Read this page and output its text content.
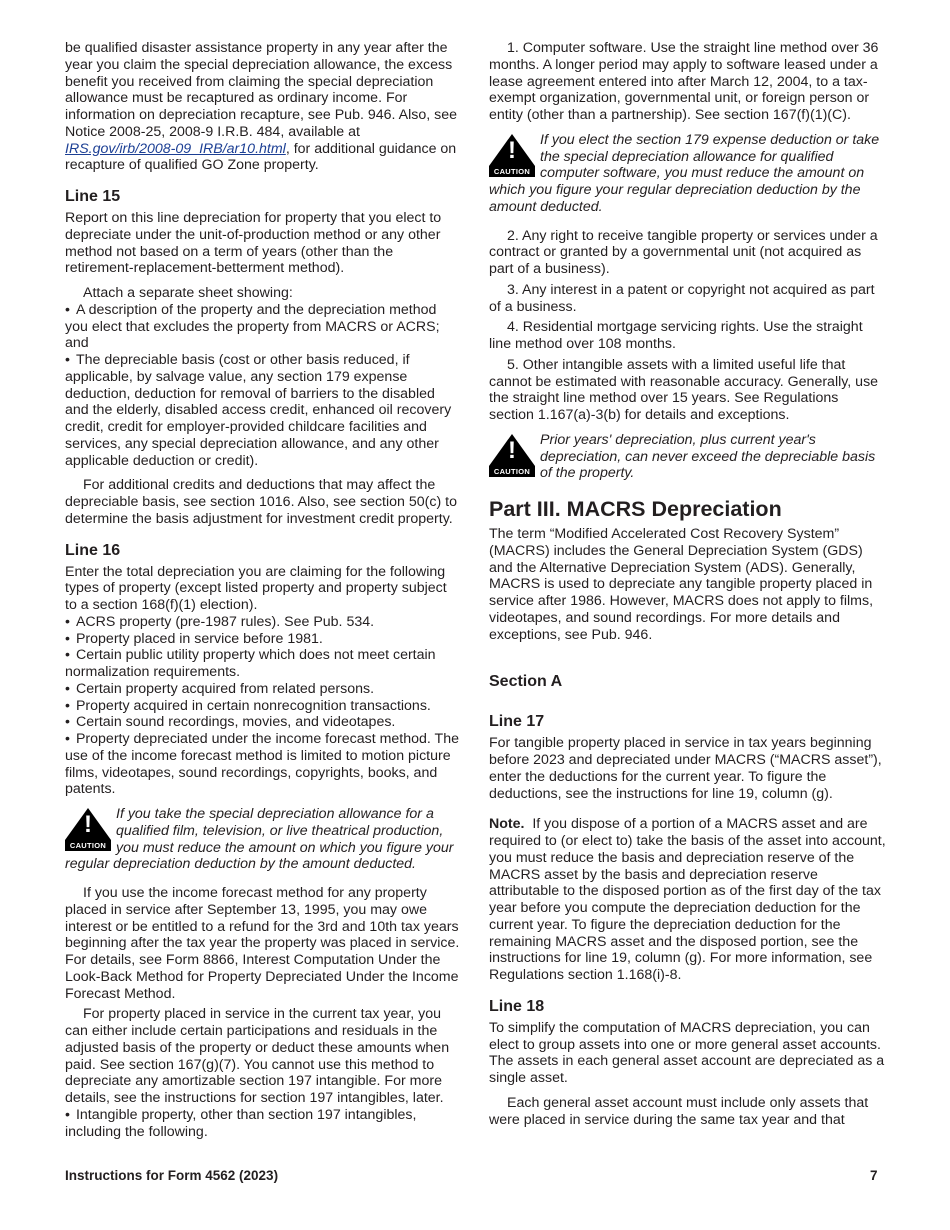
be qualified disaster assistance property in any year after the year you claim the special depreciation allowance, the excess benefit you received from claiming the special depreciation allowance must be recaptured as ordinary income. For information on depreciation recapture, see Pub. 946. Also, see Notice 2008-25, 2008-9 I.R.B. 484, available at IRS.gov/irb/2008-09_IRB/ar10.html, for additional guidance on recapture of qualified GO Zone property.

Line 15

Report on this line depreciation for property that you elect to depreciate under the unit-of-production method or any other method not based on a term of years (other than the retirement-replacement-betterment method).

Attach a separate sheet showing:

• A description of the property and the depreciation method you elect that excludes the property from MACRS or ACRS; and

• The depreciable basis (cost or other basis reduced, if applicable, by salvage value, any section 179 expense deduction, deduction for removal of barriers to the disabled and the elderly, disabled access credit, enhanced oil recovery credit, credit for employer-provided childcare facilities and services, any special depreciation allowance, and any other applicable deduction or credit).

For additional credits and deductions that may affect the depreciable basis, see section 1016. Also, see section 50(c) to determine the basis adjustment for investment credit property.

Line 16

Enter the total depreciation you are claiming for the following types of property (except listed property and property subject to a section 168(f)(1) election).

• ACRS property (pre-1987 rules). See Pub. 534.

• Property placed in service before 1981.

• Certain public utility property which does not meet certain normalization requirements.

• Certain property acquired from related persons.

• Property acquired in certain nonrecognition transactions.

• Certain sound recordings, movies, and videotapes.

• Property depreciated under the income forecast method. The use of the income forecast method is limited to motion picture films, videotapes, sound recordings, copyrights, books, and patents.

!
CAUTION
If you take the special depreciation allowance for a qualified film, television, or live theatrical production, you must reduce the amount on which you figure your regular depreciation deduction by the amount deducted.

If you use the income forecast method for any property placed in service after September 13, 1995, you may owe interest or be entitled to a refund for the 3rd and 10th tax years beginning after the tax year the property was placed in service. For details, see Form 8866, Interest Computation Under the Look-Back Method for Property Depreciated Under the Income Forecast Method.

For property placed in service in the current tax year, you can either include certain participations and residuals in the adjusted basis of the property or deduct these amounts when paid. See section 167(g)(7). You cannot use this method to depreciate any amortizable section 197 intangible. For more details, see the instructions for section 197 intangibles, later.

• Intangible property, other than section 197 intangibles, including the following.

1. Computer software. Use the straight line method over 36 months. A longer period may apply to software leased under a lease agreement entered into after March 12, 2004, to a tax-exempt organization, governmental unit, or foreign person or entity (other than a partnership). See section 167(f)(1)(C).

!
CAUTION
If you elect the section 179 expense deduction or take the special depreciation allowance for qualified computer software, you must reduce the amount on which you figure your regular depreciation deduction by the amount deducted.

2. Any right to receive tangible property or services under a contract or granted by a governmental unit (not acquired as part of a business).

3. Any interest in a patent or copyright not acquired as part of a business.

4. Residential mortgage servicing rights. Use the straight line method over 108 months.

5. Other intangible assets with a limited useful life that cannot be estimated with reasonable accuracy. Generally, use the straight line method over 15 years. See Regulations section 1.167(a)-3(b) for details and exceptions.

!
CAUTION
Prior years' depreciation, plus current year's depreciation, can never exceed the depreciable basis of the property.
Part III. MACRS Depreciation

The term “Modified Accelerated Cost Recovery System” (MACRS) includes the General Depreciation System (GDS) and the Alternative Depreciation System (ADS). Generally, MACRS is used to depreciate any tangible property placed in service after 1986. However, MACRS does not apply to films, videotapes, and sound recordings. For more details and exceptions, see Pub. 946.

Section A
Line 17

For tangible property placed in service in tax years beginning before 2023 and depreciated under MACRS (“MACRS asset”), enter the deductions for the current year. To figure the deductions, see the instructions for line 19, column (g).

Note. If you dispose of a portion of a MACRS asset and are required to (or elect to) take the basis of the asset into account, you must reduce the basis and depreciation reserve of the MACRS asset by the basis and depreciation reserve attributable to the disposed portion as of the first day of the tax year before you compute the depreciation deduction for the current year. To figure the depreciation deduction for the remaining MACRS asset and the disposed portion, see the instructions for line 19, column (g). For more information, see Regulations section 1.168(i)-8.

Line 18

To simplify the computation of MACRS depreciation, you can elect to group assets into one or more general asset accounts. The assets in each general asset account are depreciated as a single asset.

Each general asset account must include only assets that were placed in service during the same tax year and that

Instructions for Form 4562 (2023)	7
